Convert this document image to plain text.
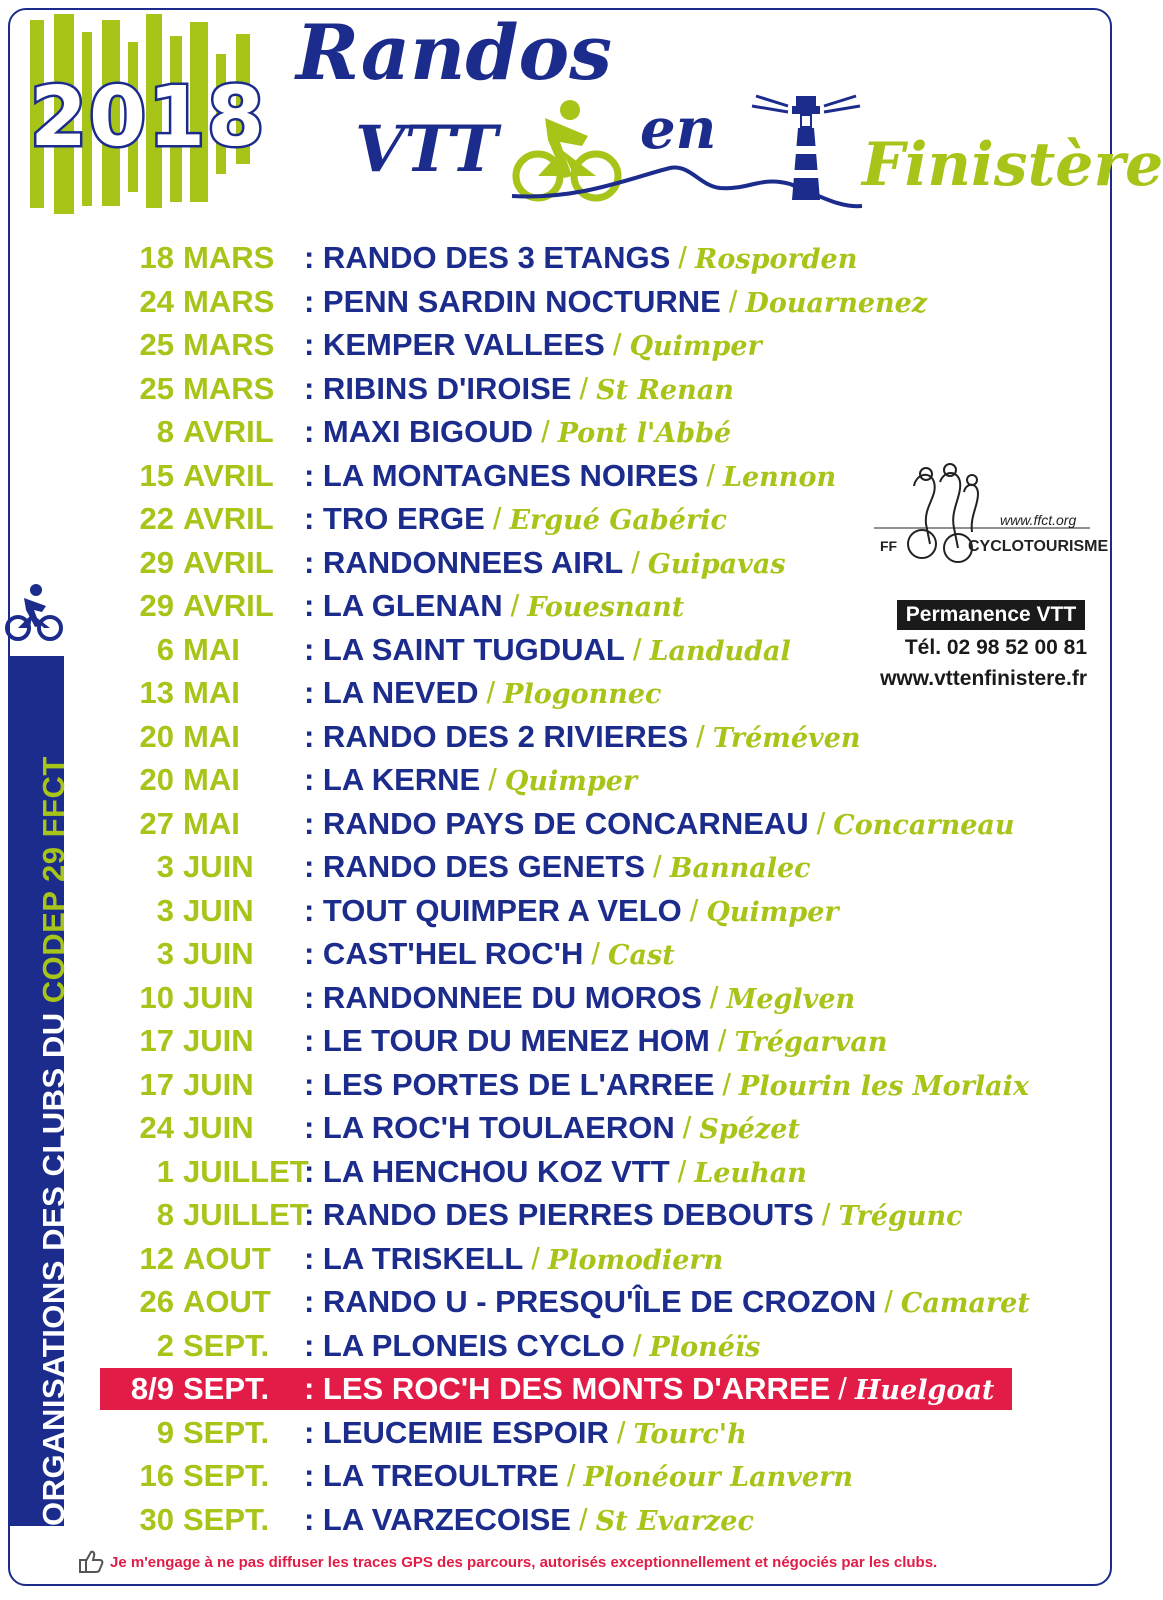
2018
Randos
VTT	en
Finistère
18 MARS : RANDO DES 3 ETANGS / Rosporden
24 MARS : PENN SARDIN NOCTURNE / Douarnenez
25 MARS : KEMPER VALLEES / Quimper
25 MARS : RIBINS D'IROISE / St Renan
8 AVRIL : MAXI BIGOUD / Pont l'Abbé
15 AVRIL : LA MONTAGNES NOIRES / Lennon
22 AVRIL : TRO ERGE / Ergué Gabéric
29 AVRIL : RANDONNEES AIRL / Guipavas
29 AVRIL : LA GLENAN / Fouesnant
6 MAI : LA SAINT TUGDUAL / Landudal
13 MAI : LA NEVED / Plogonnec
20 MAI : RANDO DES 2 RIVIERES / Tréméven
20 MAI : LA KERNE / Quimper
27 MAI : RANDO PAYS DE CONCARNEAU / Concarneau
3 JUIN : RANDO DES GENETS / Bannalec
3 JUIN : TOUT QUIMPER A VELO / Quimper
3 JUIN : CAST'HEL ROC'H / Cast
10 JUIN : RANDONNEE DU MOROS / Meglven
17 JUIN : LE TOUR DU MENEZ HOM / Trégarvan
17 JUIN : LES PORTES DE L'ARREE / Plourin les Morlaix
24 JUIN : LA ROC'H TOULAERON / Spézet
1 JUILLET
: LA HENCHOU KOZ VTT / Leuhan
8 JUILLET
: RANDO DES PIERRES DEBOUTS / Trégunc
12 AOUT : LA TRISKELL / Plomodiern
26 AOUT : RANDO U - PRESQU'ÎLE DE CROZON / Camaret
2 SEPT. : LA PLONEIS CYCLO / Plonéïs
8/9 SEPT. : LES ROC'H DES MONTS D'ARREE / Huelgoat
9 SEPT. : LEUCEMIE ESPOIR / Tourc'h
16 SEPT. : LA TREOULTRE / Plonéour Lanvern
30 SEPT. : LA VARZECOISE / St Evarzec
ORGANISATIONS DES CLUBS DU CODEP 29 FFCT
www.ffct.org
FF	CYCLOTOURISME
Permanence VTT
Tél. 02 98 52 00 81
www.vttenfinistere.fr
Je m'engage à ne pas diffuser les traces GPS des parcours, autorisés exceptionnellement et négociés par les clubs.
